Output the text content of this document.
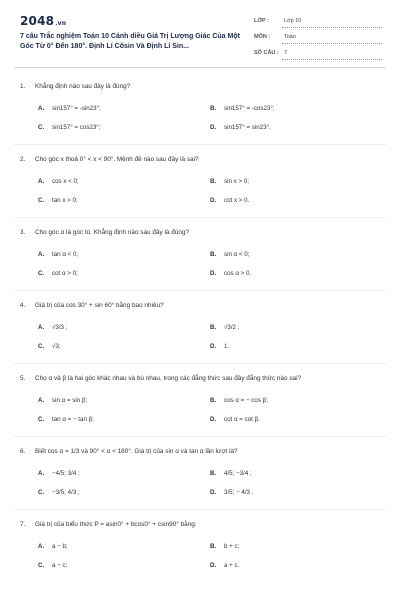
2048.vn
7 câu Trắc nghiệm Toán 10 Cánh diều Giá Trị Lượng Giác Của Một Góc Từ 0° Đến 180°. Định Lí Côsin Và Định Lí Sin...
LỚP :	Lớp 10
MÔN :	Toán
SỐ CÂU : 7
1. Khẳng định nào sau đây là đúng?
A. sin157° = -sin23°;	B. sin157° = -cos23°;
C. sin157° = cos23°;	D. sin157° = sin23°.
2. Cho góc x thoả 0° < x < 90°. Mệnh đề nào sau đây là sai?
A. cos x < 0;	B. sin x > 0;
C. tan x > 0;	D. cot x > 0.
3. Cho góc α là góc tù. Khẳng định nào sau đây là đúng?
A. tan α < 0;	B. sin α < 0;
C. cot α > 0;	D. cos α > 0.
4. Giá trị của cos 30° + sin 60° bằng bao nhiêu?
A. √3/3 ;	B. √3/2 ;
C. √3;	D. 1.
5. Cho α và β là hai góc khác nhau và bù nhau, trong các đẳng thức sau đây đẳng thức nào sai?
A. sin α = sin β;	B. cos α = − cos β;
C. tan α = − tan β;	D. cot α = cot β.
6. Biết cos α = 1/3 và 90° < α < 180°. Giá trị của sin α và tan α lần lượt là?
A. −4/5; 3/4 ;	B. 4/5; −3/4 ;
C. −3/5; 4/3 ;	D. 3/5; − 4/3 .
7. Giá trị của biểu thức P = asin0° + bcos0° + csin90° bằng:
A. a − b;	B. b + c;
C. a − c;	D. a + c.
